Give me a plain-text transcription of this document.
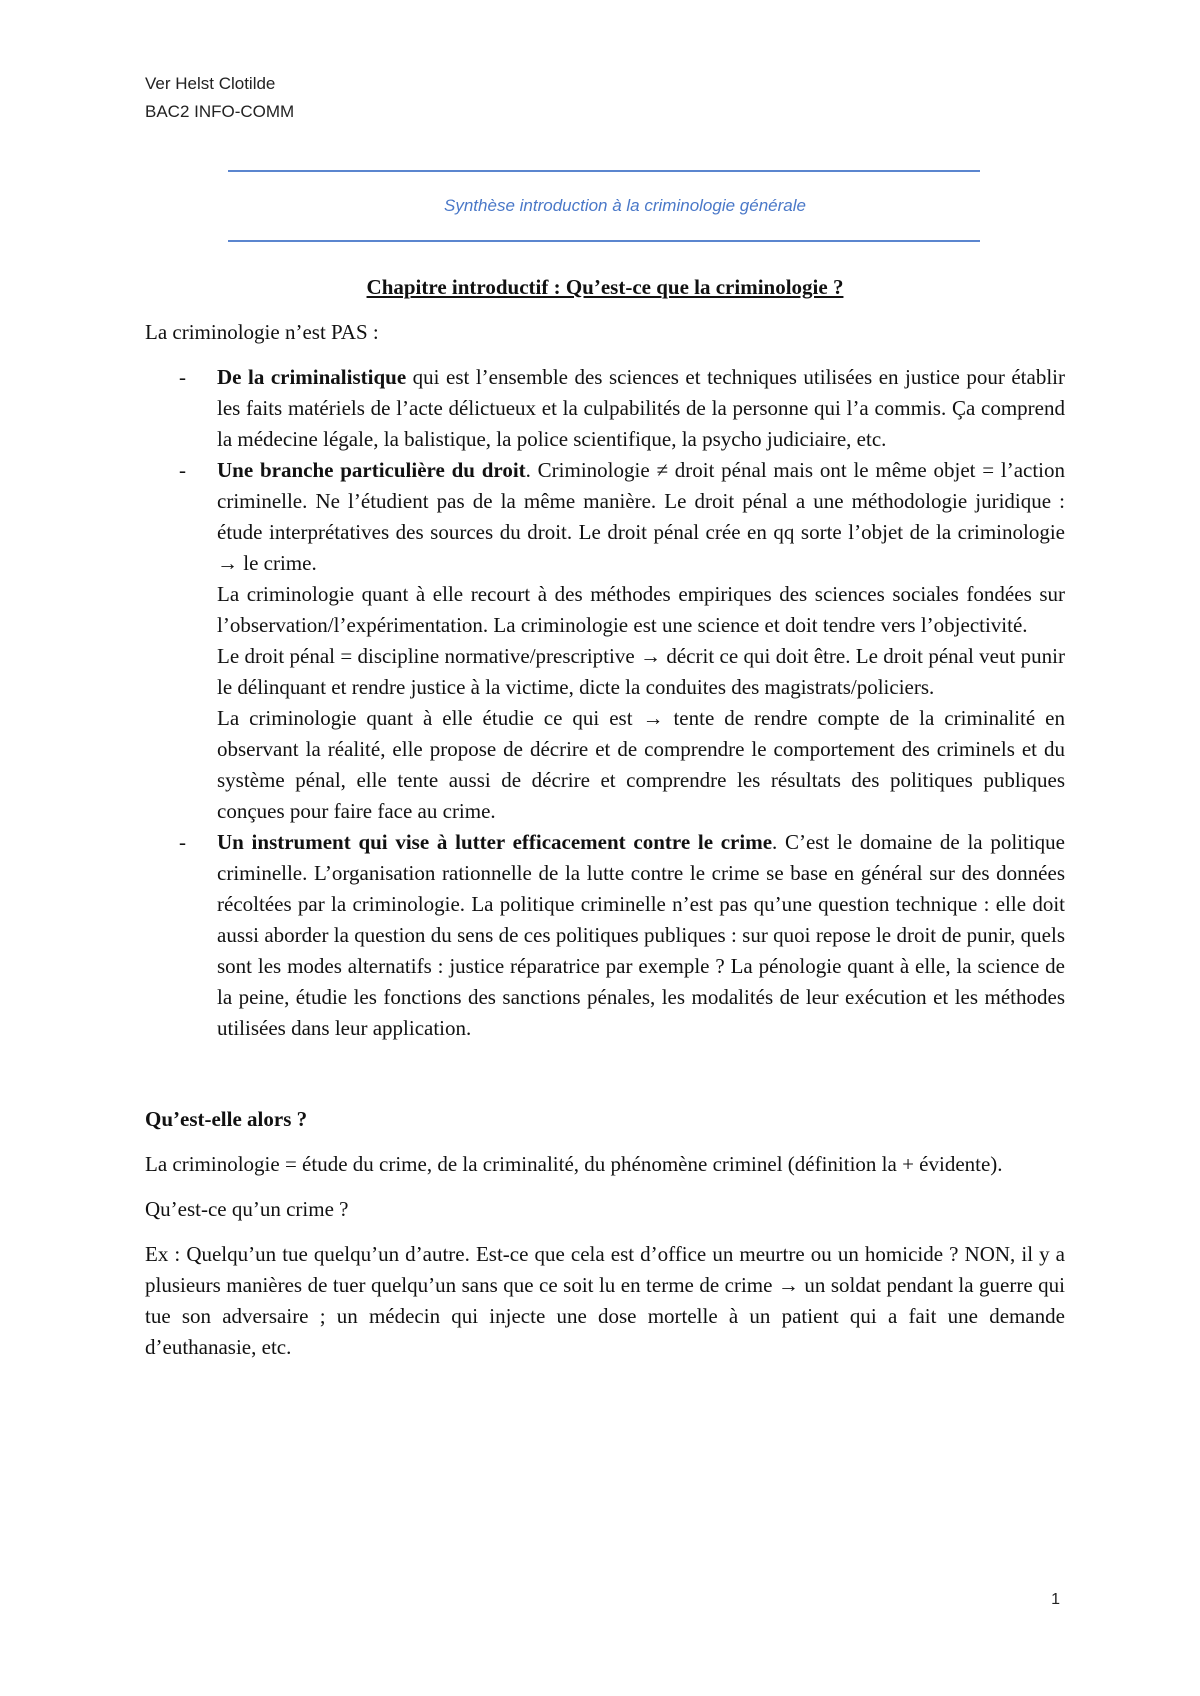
Ver Helst Clotilde
BAC2 INFO-COMM
Synthèse introduction à la criminologie générale
Chapitre introductif : Qu’est-ce que la criminologie ?

La criminologie n’est PAS :

- De la criminalistique qui est l’ensemble des sciences et techniques utilisées en justice pour établir les faits matériels de l’acte délictueux et la culpabilités de la personne qui l’a commis. Ça comprend la médecine légale, la balistique, la police scientifique, la psycho judiciaire, etc.
- Une branche particulière du droit. Criminologie ≠ droit pénal mais ont le même objet = l’action criminelle. Ne l’étudient pas de la même manière. Le droit pénal a une méthodologie juridique : étude interprétatives des sources du droit. Le droit pénal crée en qq sorte l’objet de la criminologie → le crime.
La criminologie quant à elle recourt à des méthodes empiriques des sciences sociales fondées sur l’observation/l’expérimentation. La criminologie est une science et doit tendre vers l’objectivité.
Le droit pénal = discipline normative/prescriptive → décrit ce qui doit être. Le droit pénal veut punir le délinquant et rendre justice à la victime, dicte la conduites des magistrats/policiers.
La criminologie quant à elle étudie ce qui est → tente de rendre compte de la criminalité en observant la réalité, elle propose de décrire et de comprendre le comportement des criminels et du système pénal, elle tente aussi de décrire et comprendre les résultats des politiques publiques conçues pour faire face au crime.
- Un instrument qui vise à lutter efficacement contre le crime. C’est le domaine de la politique criminelle. L’organisation rationnelle de la lutte contre le crime se base en général sur des données récoltées par la criminologie. La politique criminelle n’est pas qu’une question technique : elle doit aussi aborder la question du sens de ces politiques publiques : sur quoi repose le droit de punir, quels sont les modes alternatifs : justice réparatrice par exemple ? La pénologie quant à elle, la science de la peine, étudie les fonctions des sanctions pénales, les modalités de leur exécution et les méthodes utilisées dans leur application.

Qu’est-elle alors ?

La criminologie = étude du crime, de la criminalité, du phénomène criminel (définition la + évidente).

Qu’est-ce qu’un crime ?

Ex : Quelqu’un tue quelqu’un d’autre. Est-ce que cela est d’office un meurtre ou un homicide ? NON, il y a plusieurs manières de tuer quelqu’un sans que ce soit lu en terme de crime → un soldat pendant la guerre qui tue son adversaire ; un médecin qui injecte une dose mortelle à un patient qui a fait une demande d’euthanasie, etc.

1
